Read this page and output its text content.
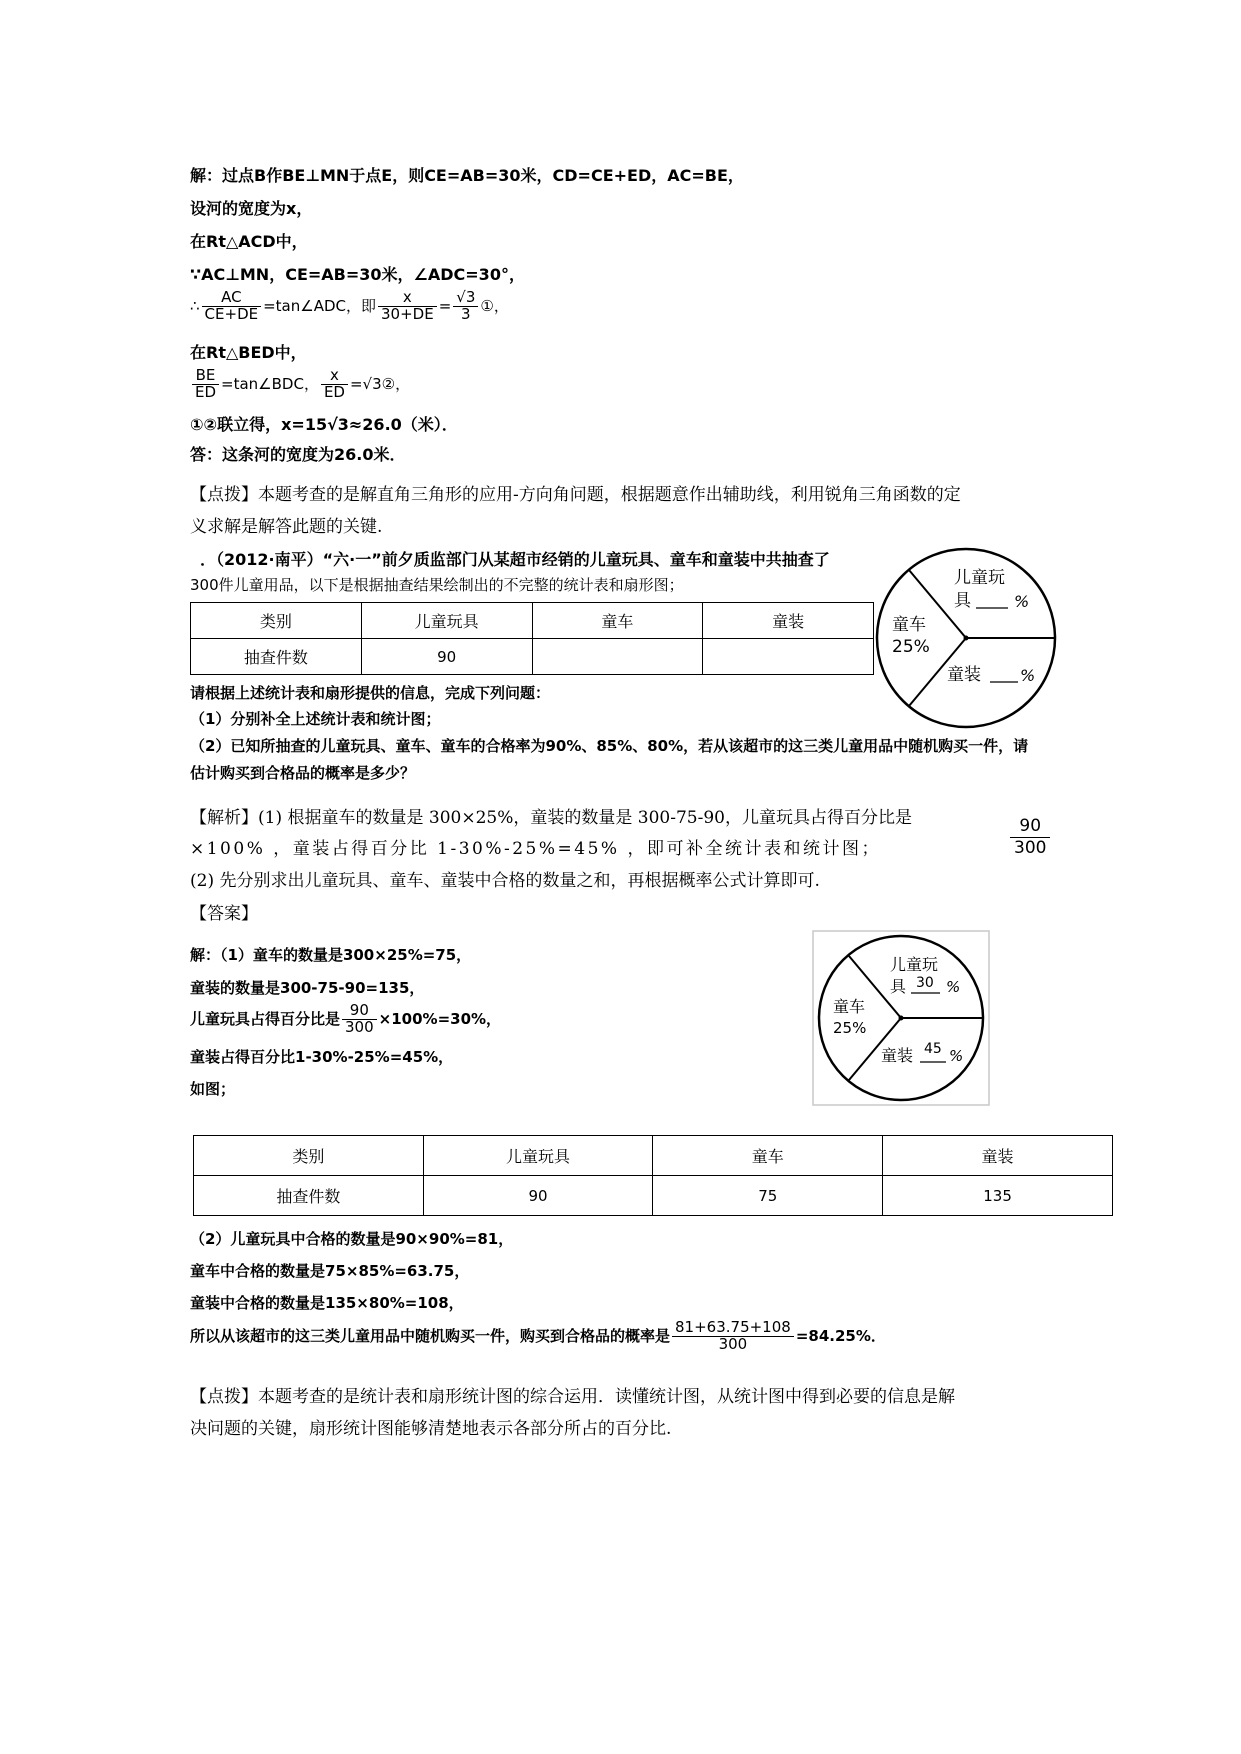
解：过点B作BE⊥MN于点E，则CE=AB=30米，CD=CE+ED，AC=BE，
设河的宽度为x，
在Rt△ACD中，
∵AC⊥MN，CE=AB=30米，∠ADC=30°，
∴ $\frac{AC}{CE+DE}$ =tan∠ADC，即 $\frac{x}{30+DE} = \frac{√3}{3}$ ①，
在Rt△BED中，
$\frac{BE}{ED}$ =tan∠BDC， $\frac{x}{ED}$ =√3②，
①②联立得，x=15√3≈26.0（米）．
答：这条河的宽度为26.0米．
【点拨】本题考查的是解直角三角形的应用-方向角问题，根据题意作出辅助线，利用锐角三角函数的定
义求解是解答此题的关键.
．（2012·南平）“六·一”前夕质监部门从某超市经销的儿童玩具、童车和童装中共抽查了
300件儿童用品，以下是根据抽查结果绘制出的不完整的统计表和扇形图；
类别	儿童玩具	童车	童装
抽查件数	90		
儿童玩
具	%
童车
25%
童装 %
请根据上述统计表和扇形提供的信息，完成下列问题：
（1）分别补全上述统计表和统计图；
（2）已知所抽查的儿童玩具、童车、童车的合格率为90%、85%、80%，若从该超市的这三类儿童用品中随机购买一件，请
估计购买到合格品的概率是多少？
【解析】(1) 根据童车的数量是 300×25%，童装的数量是 300-75-90，儿童玩具占得百分比是
×100% ，童装占得百分比 1-30%-25%=45% ，即可补全统计表和统计图；	$\frac{90}{300}$
(2) 先分别求出儿童玩具、童车、童装中合格的数量之和，再根据概率公式计算即可.
【答案】
解：（1）童车的数量是300×25%=75，
童装的数量是300-75-90=135，
儿童玩具占得百分比是 $\frac{90}{300} \times 100\%=30\%$，
童装占得百分比1-30%-25%=45%，
如图；
儿童玩
具 30 %
童车
25%
童装 45 %
类别	儿童玩具	童车	童装
抽查件数	90	75	135
（2）儿童玩具中合格的数量是90×90%=81，
童车中合格的数量是75×85%=63.75，
童装中合格的数量是135×80%=108，
所以从该超市的这三类儿童用品中随机购买一件，购买到合格品的概率是 $\frac{81+63.75+108}{300} =84.25\%$．
【点拨】本题考查的是统计表和扇形统计图的综合运用．读懂统计图，从统计图中得到必要的信息是解
决问题的关键，扇形统计图能够清楚地表示各部分所占的百分比.
